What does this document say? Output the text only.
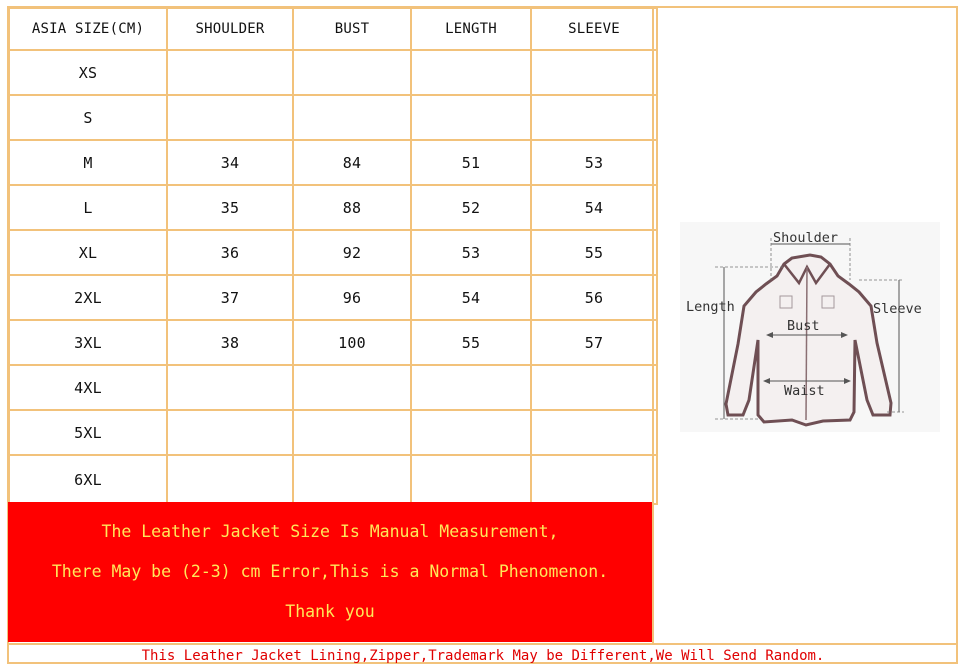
ASIA SIZE(CM)	SHOULDER	BUST	LENGTH	SLEEVE
XS				
S				
M	34	84	51	53
L	35	88	52	54
XL	36	92	53	55
2XL	37	96	54	56
3XL	38	100	55	57
4XL				
5XL				
6XL				
The Leather Jacket Size Is Manual Measurement,
There May be (2-3) cm Error,This is a Normal Phenomenon.
Thank you
Shoulder
Length	Sleeve
Bust
Waist
This Leather Jacket Lining,Zipper,Trademark May be Different,We Will Send Random.
